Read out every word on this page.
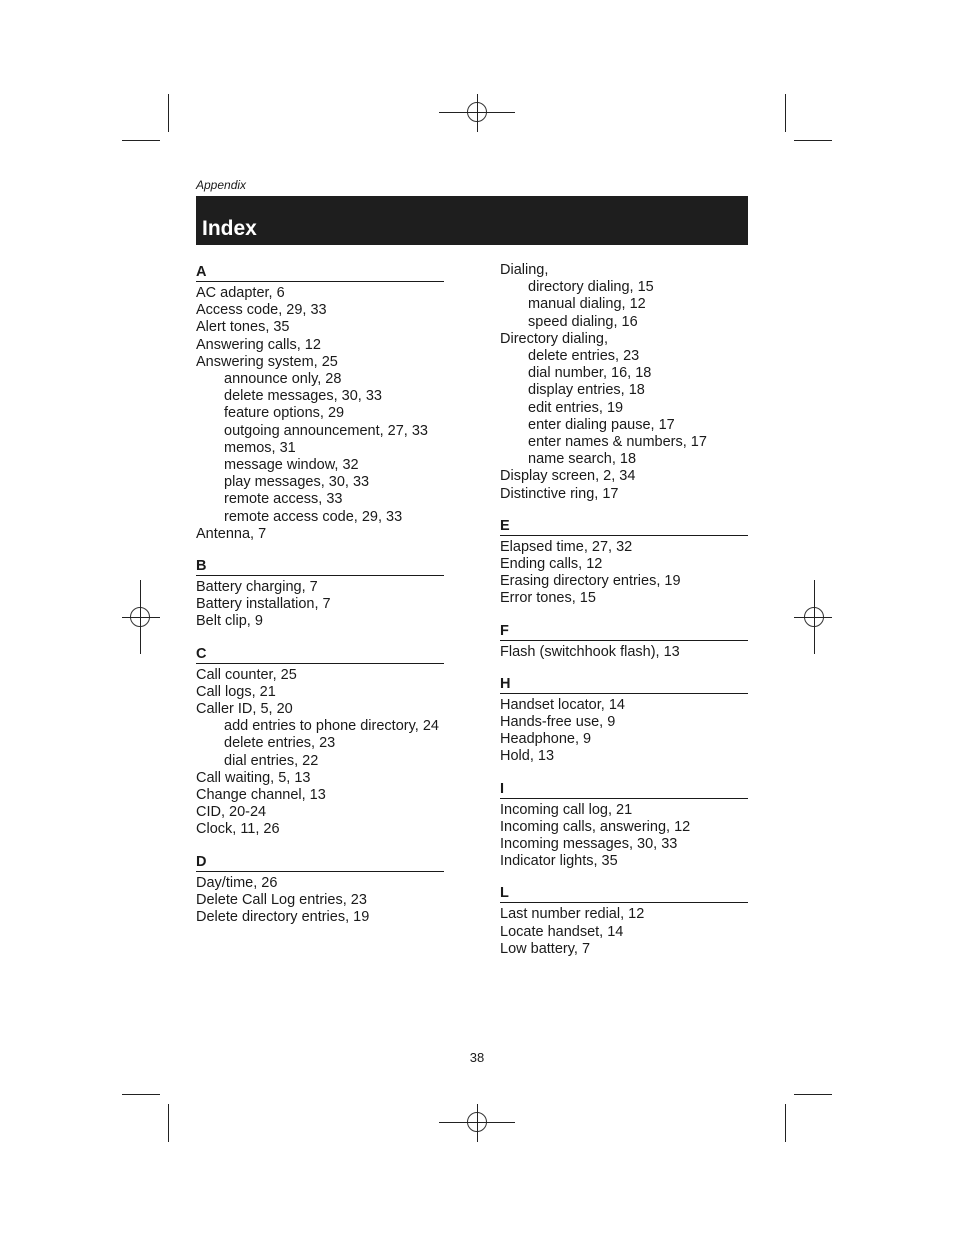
Appendix
Index
A
AC adapter, 6
Access code, 29, 33
Alert tones, 35
Answering calls, 12
Answering system, 25
announce only, 28
delete messages, 30, 33
feature options, 29
outgoing announcement, 27, 33
memos, 31
message window, 32
play messages, 30, 33
remote access, 33
remote access code, 29, 33
Antenna, 7
B
Battery charging, 7
Battery installation, 7
Belt clip, 9
C
Call counter, 25
Call logs, 21
Caller ID, 5, 20
add entries to phone directory, 24
delete entries, 23
dial entries, 22
Call waiting, 5, 13
Change channel, 13
CID, 20-24
Clock, 11, 26
D
Day/time, 26
Delete Call Log entries, 23
Delete directory entries, 19
Dialing,
directory dialing, 15
manual dialing, 12
speed dialing, 16
Directory dialing,
delete entries, 23
dial number, 16, 18
display entries, 18
edit entries, 19
enter dialing pause, 17
enter names & numbers, 17
name search, 18
Display screen, 2, 34
Distinctive ring, 17
E
Elapsed time, 27, 32
Ending calls, 12
Erasing directory entries, 19
Error tones, 15
F
Flash (switchhook flash), 13
H
Handset locator, 14
Hands-free use, 9
Headphone, 9
Hold, 13
I
Incoming call log, 21
Incoming calls, answering, 12
Incoming messages, 30, 33
Indicator lights, 35
L
Last number redial, 12
Locate handset, 14
Low battery, 7
38
